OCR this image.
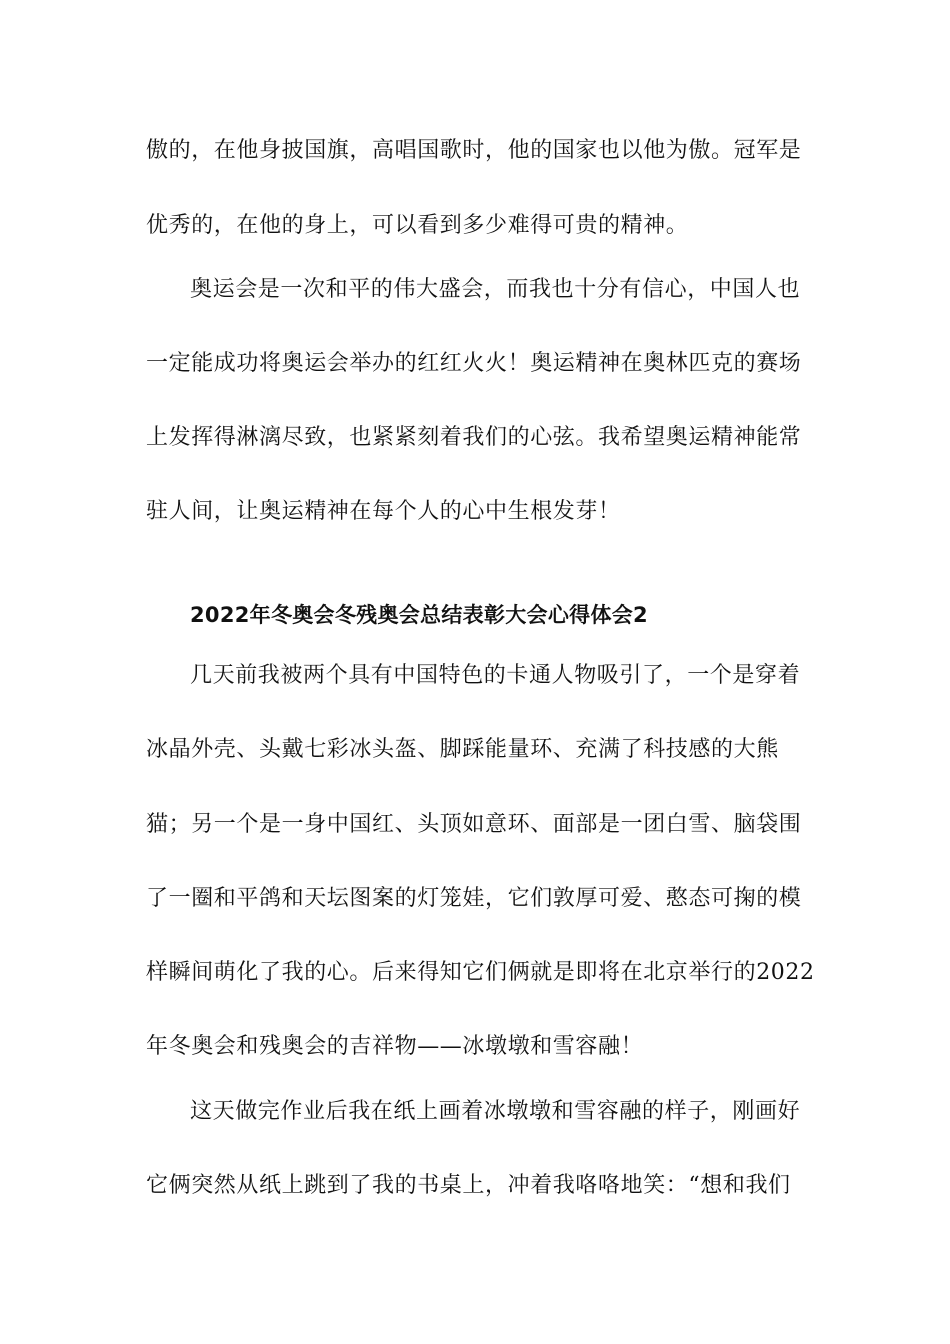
傲的，在他身披国旗，高唱国歌时，他的国家也以他为傲。冠军是
优秀的，在他的身上，可以看到多少难得可贵的精神。
奥运会是一次和平的伟大盛会，而我也十分有信心，中国人也
一定能成功将奥运会举办的红红火火！奥运精神在奥林匹克的赛场
上发挥得淋漓尽致，也紧紧刻着我们的心弦。我希望奥运精神能常
驻人间，让奥运精神在每个人的心中生根发芽！
2022年冬奥会冬残奥会总结表彰大会心得体会2
几天前我被两个具有中国特色的卡通人物吸引了，一个是穿着
冰晶外壳、头戴七彩冰头盔、脚踩能量环、充满了科技感的大熊
猫；另一个是一身中国红、头顶如意环、面部是一团白雪、脑袋围
了一圈和平鸽和天坛图案的灯笼娃，它们敦厚可爱、憨态可掬的模
样瞬间萌化了我的心。后来得知它们俩就是即将在北京举行的2022
年冬奥会和残奥会的吉祥物——冰墩墩和雪容融！
这天做完作业后我在纸上画着冰墩墩和雪容融的样子，刚画好
它俩突然从纸上跳到了我的书桌上，冲着我咯咯地笑：“想和我们
